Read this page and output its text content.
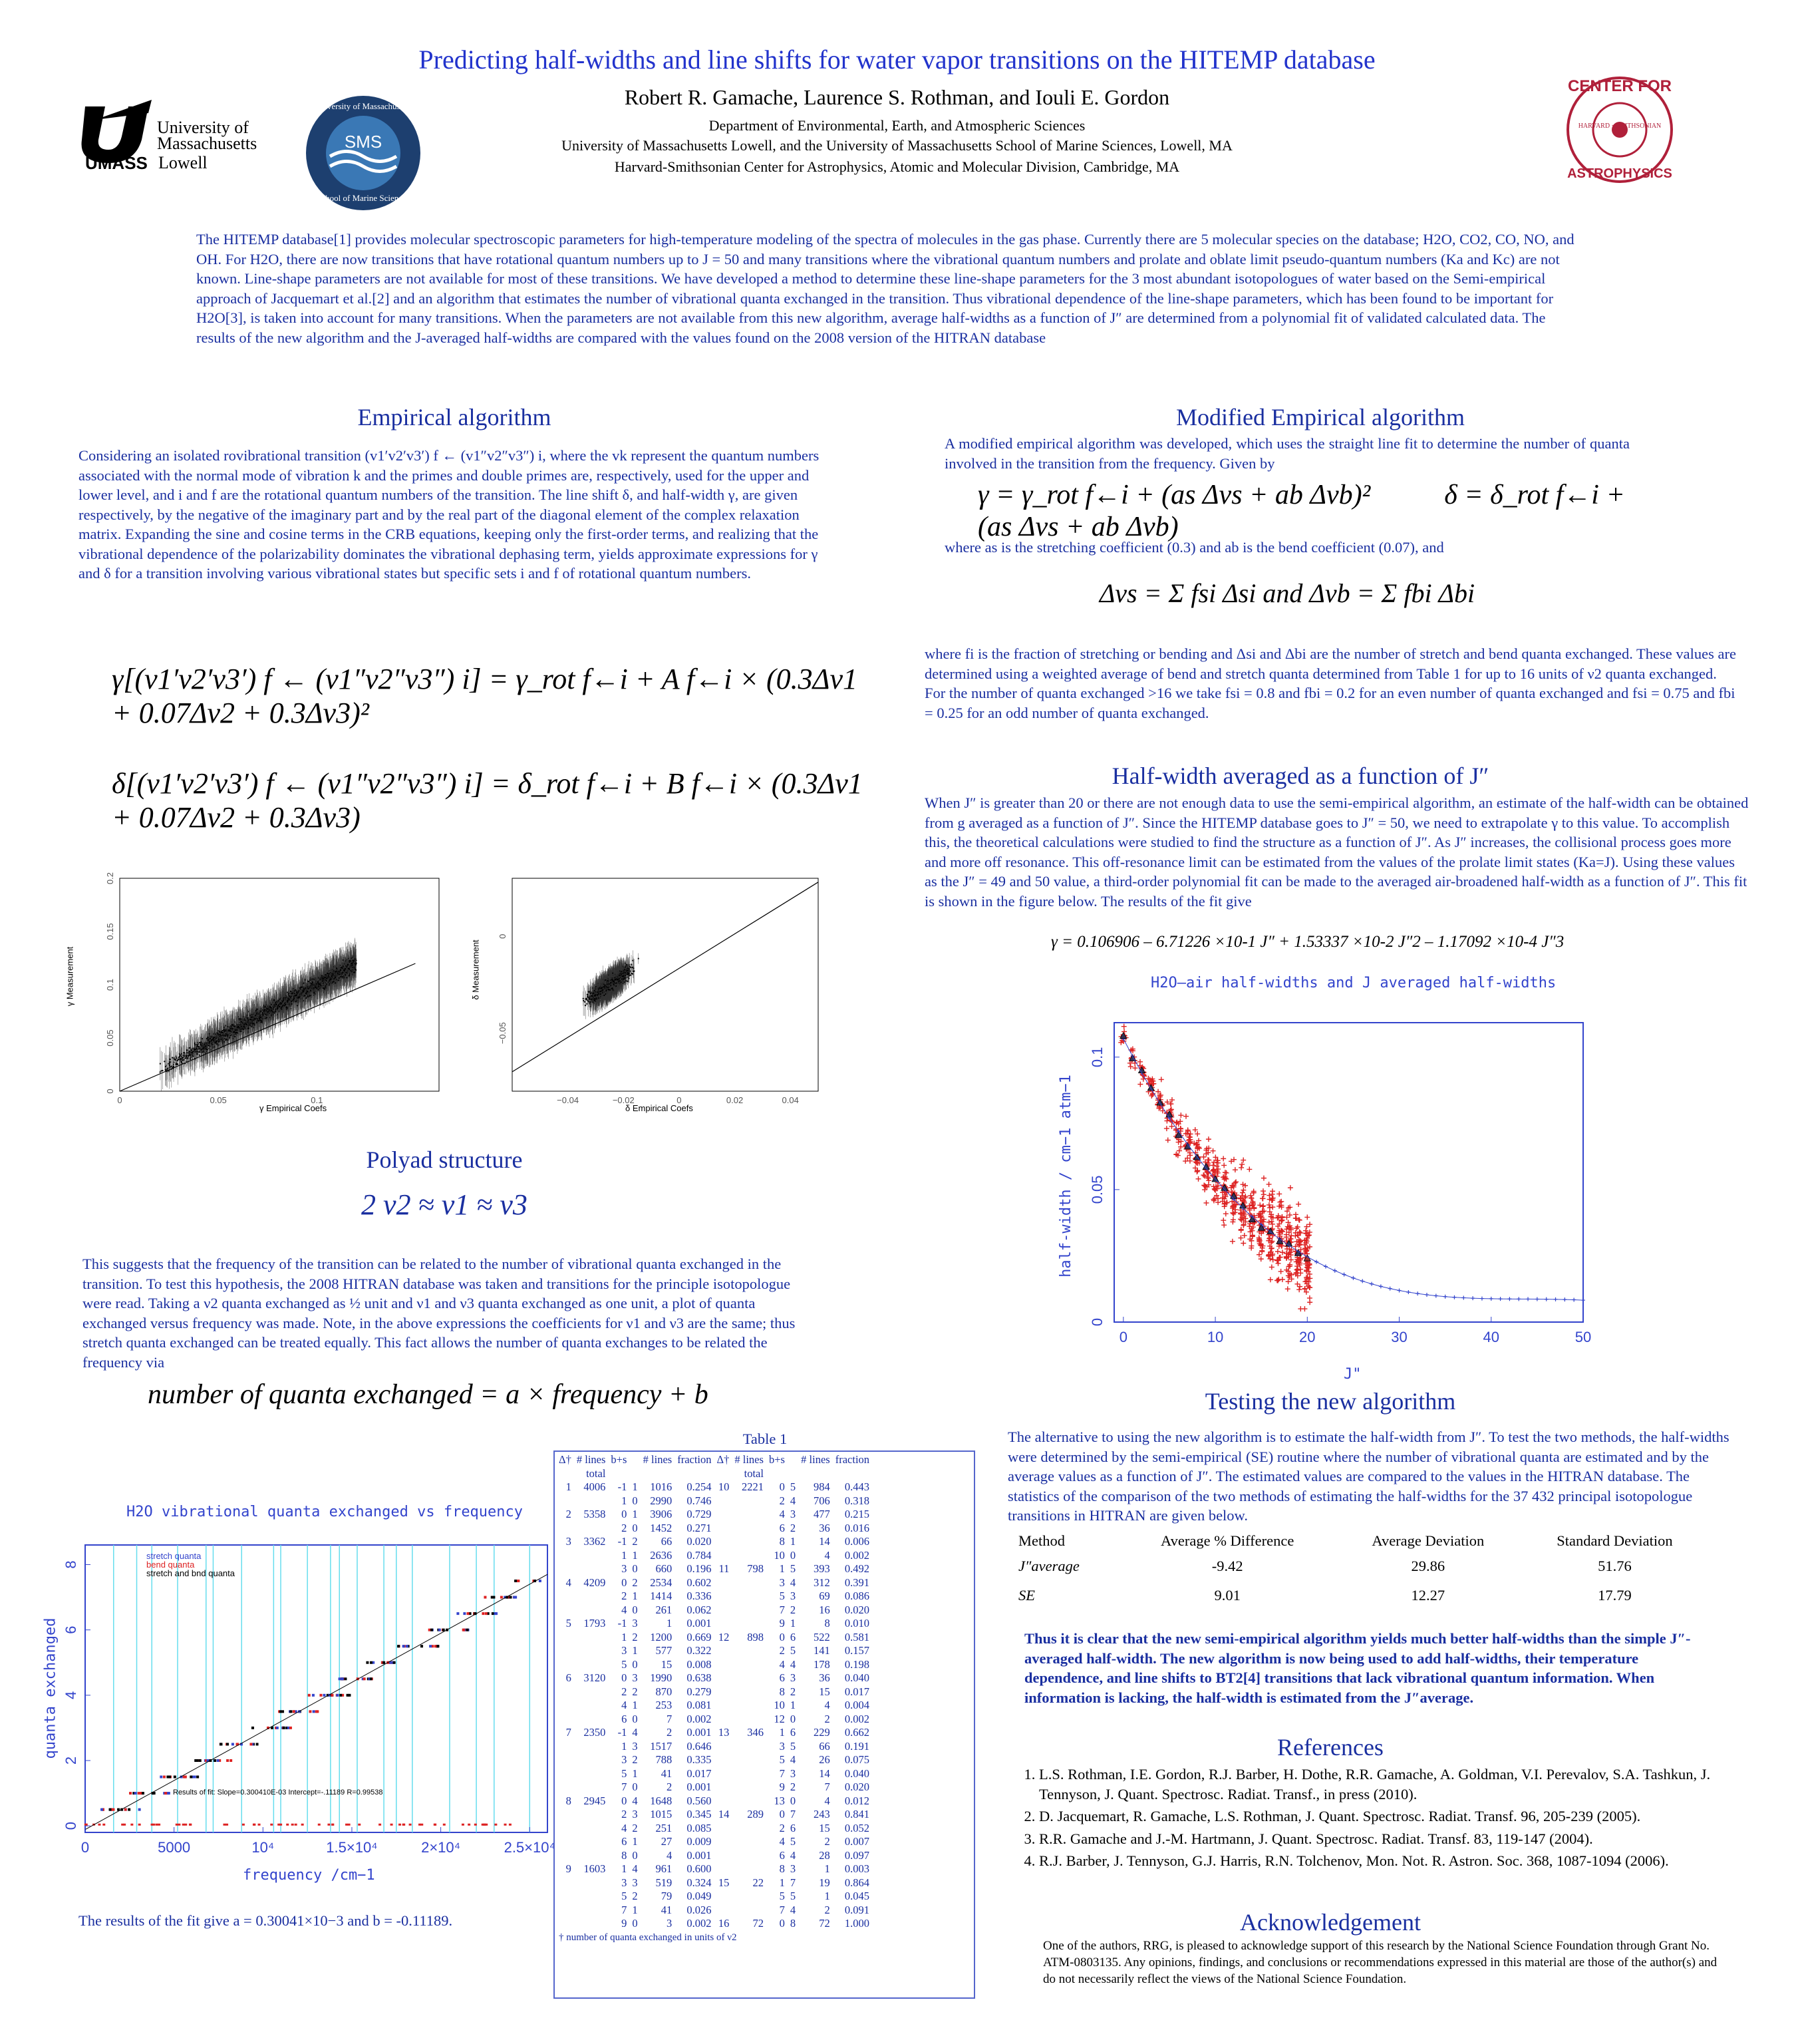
Predicting half-widths and line shifts for water vapor transitions on the HITEMP database
Robert R. Gamache, Laurence S. Rothman, and Iouli E. Gordon
Department of Environmental, Earth, and Atmospheric Sciences
University of Massachusetts Lowell, and the University of Massachusetts School of Marine Sciences, Lowell, MA
Harvard-Smithsonian Center for Astrophysics, Atomic and Molecular Division, Cambridge, MA
University of
Massachusetts
UMASS Lowell
University of Massachusetts
SMS
School of Marine Sciences
CENTER FOR
HARVARD · SMITHSONIAN
ASTROPHYSICS
The HITEMP database[1] provides molecular spectroscopic parameters for high-temperature modeling of the spectra of molecules in the gas phase. Currently there are 5 molecular species on the database; H2O, CO2, CO, NO, and OH. For H2O, there are now transitions that have rotational quantum numbers up to J = 50 and many transitions where the vibrational quantum numbers and prolate and oblate limit pseudo-quantum numbers (Ka and Kc) are not known. Line-shape parameters are not available for most of these transitions. We have developed a method to determine these line-shape parameters for the 3 most abundant isotopologues of water based on the Semi-empirical approach of Jacquemart et al.[2] and an algorithm that estimates the number of vibrational quanta exchanged in the transition. Thus vibrational dependence of the line-shape parameters, which has been found to be important for H2O[3], is taken into account for many transitions. When the parameters are not available from this new algorithm, average half-widths as a function of J″ are determined from a polynomial fit of validated calculated data. The results of the new algorithm and the J-averaged half-widths are compared with the values found on the 2008 version of the HITRAN database
Empirical algorithm
Considering an isolated rovibrational transition (v1′v2′v3′) f ← (v1″v2″v3″) i, where the vk represent the quantum numbers associated with the normal mode of vibration k and the primes and double primes are, respectively, used for the upper and lower level, and i and f are the rotational quantum numbers of the transition. The line shift δ, and half-width γ, are given respectively, by the negative of the imaginary part and by the real part of the diagonal element of the complex relaxation matrix. Expanding the sine and cosine terms in the CRB equations, keeping only the first-order terms, and realizing that the vibrational dependence of the polarizability dominates the vibrational dephasing term, yields approximate expressions for γ and δ for a transition involving various vibrational states but specific sets i and f of rotational quantum numbers.
γ[(v1′v2′v3′) f ← (v1″v2″v3″) i] = γ_rot f←i + A f←i × (0.3Δv1 + 0.07Δv2 + 0.3Δv3)²
δ[(v1′v2′v3′) f ← (v1″v2″v3″) i] = δ_rot f←i + B f←i × (0.3Δv1 + 0.07Δv2 + 0.3Δv3)
0	0.05	0.1
0
0.05
0.1
0.15
0.2
γ Empirical Coefs
γ Measurement
−0.04	−0.02	0	0.02	0.04
−0.05
0
δ Empirical Coefs
δ Measurement
Polyad structure
2 ν2 ≈ ν1 ≈ ν3
This suggests that the frequency of the transition can be related to the number of vibrational quanta exchanged in the transition. To test this hypothesis, the 2008 HITRAN database was taken and transitions for the principle isotopologue were read. Taking a ν2 quanta exchanged as ½ unit and ν1 and ν3 quanta exchanged as one unit, a plot of quanta exchanged versus frequency was made. Note, in the above expressions the coefficients for ν1 and ν3 are the same; thus stretch quanta exchanged can be treated equally. This fact allows the number of quanta exchanges to be related the frequency via
number of quanta exchanged = a × frequency + b
H2O vibrational quanta exchanged vs frequency
0	5000	10⁴	1.5×10⁴	2×10⁴	2.5×10⁴
0
2
4
6
8
frequency /cm−1
quanta exchanged
stretch quanta
bend quanta
stretch and bnd quanta
Results of fit: Slope=0.300410E-03 Intercept=-.11189 R=0.99538
The results of the fit give a = 0.30041×10−3 and b = -0.11189.
Table 1
Δ†	# lines	b+s		# lines	fraction	Δ†	# lines	b+s		# lines	fraction
	total						total				
1	4006	-1	1	1016	0.254	10	2221	0	5	984	0.443
		1	0	2990	0.746			2	4	706	0.318
2	5358	0	1	3906	0.729			4	3	477	0.215
		2	0	1452	0.271			6	2	36	0.016
3	3362	-1	2	66	0.020			8	1	14	0.006
		1	1	2636	0.784			10	0	4	0.002
		3	0	660	0.196	11	798	1	5	393	0.492
4	4209	0	2	2534	0.602			3	4	312	0.391
		2	1	1414	0.336			5	3	69	0.086
		4	0	261	0.062			7	2	16	0.020
5	1793	-1	3	1	0.001			9	1	8	0.010
		1	2	1200	0.669	12	898	0	6	522	0.581
		3	1	577	0.322			2	5	141	0.157
		5	0	15	0.008			4	4	178	0.198
6	3120	0	3	1990	0.638			6	3	36	0.040
		2	2	870	0.279			8	2	15	0.017
		4	1	253	0.081			10	1	4	0.004
		6	0	7	0.002			12	0	2	0.002
7	2350	-1	4	2	0.001	13	346	1	6	229	0.662
		1	3	1517	0.646			3	5	66	0.191
		3	2	788	0.335			5	4	26	0.075
		5	1	41	0.017			7	3	14	0.040
		7	0	2	0.001			9	2	7	0.020
8	2945	0	4	1648	0.560			13	0	4	0.012
		2	3	1015	0.345	14	289	0	7	243	0.841
		4	2	251	0.085			2	6	15	0.052
		6	1	27	0.009			4	5	2	0.007
		8	0	4	0.001			6	4	28	0.097
9	1603	1	4	961	0.600			8	3	1	0.003
		3	3	519	0.324	15	22	1	7	19	0.864
		5	2	79	0.049			5	5	1	0.045
		7	1	41	0.026			7	4	2	0.091
		9	0	3	0.002	16	72	0	8	72	1.000
† number of quanta exchanged in units of ν2
Modified Empirical algorithm
A modified empirical algorithm was developed, which uses the straight line fit to determine the number of quanta involved in the transition from the frequency. Given by
γ = γ_rot f←i + (as Δvs + ab Δvb)²	δ = δ_rot f←i + (as Δvs + ab Δvb)
where as is the stretching coefficient (0.3) and ab is the bend coefficient (0.07), and
Δvs = Σ fsi Δsi and Δvb = Σ fbi Δbi
where fi is the fraction of stretching or bending and Δsi and Δbi are the number of stretch and bend quanta exchanged. These values are determined using a weighted average of bend and stretch quanta determined from Table 1 for up to 16 units of ν2 quanta exchanged. For the number of quanta exchanged >16 we take fsi = 0.8 and fbi = 0.2 for an even number of quanta exchanged and fsi = 0.75 and fbi = 0.25 for an odd number of quanta exchanged.
Half-width averaged as a function of J″
When J″ is greater than 20 or there are not enough data to use the semi-empirical algorithm, an estimate of the half-width can be obtained from g averaged as a function of J″. Since the HITEMP database goes to J″ = 50, we need to extrapolate γ to this value. To accomplish this, the theoretical calculations were studied to find the structure as a function of J″. As J″ increases, the collisional process goes more and more off resonance. This off-resonance limit can be estimated from the values of the prolate limit states (Ka=J). Using these values as the J″ = 49 and 50 value, a third-order polynomial fit can be made to the averaged air-broadened half-width as a function of J″. This fit is shown in the figure below. The results of the fit give
γ = 0.106906 – 6.71226 ×10-1 J″ + 1.53337 ×10-2 J″2 – 1.17092 ×10-4 J″3
H2O–air half-widths and J averaged half-widths
0	10	20	30	40	50
0
0.05
0.1
J"
half-width / cm−1 atm−1
Testing the new algorithm
The alternative to using the new algorithm is to estimate the half-width from J″. To test the two methods, the half-widths were determined by the semi-empirical (SE) routine where the number of vibrational quanta are estimated and by the average values as a function of J″. The estimated values are compared to the values in the HITRAN database. The statistics of the comparison of the two methods of estimating the half-widths for the 37 432 principal isotopologue transitions in HITRAN are given below.
Method	Average % Difference	Average Deviation	Standard Deviation
J″average	-9.42	29.86	51.76
SE	9.01	12.27	17.79
Thus it is clear that the new semi-empirical algorithm yields much better half-widths than the simple J″-averaged half-width. The new algorithm is now being used to add half-widths, their temperature dependence, and line shifts to BT2[4] transitions that lack vibrational quantum information. When information is lacking, the half-width is estimated from the J″average.
References
1. L.S. Rothman, I.E. Gordon, R.J. Barber, H. Dothe, R.R. Gamache, A. Goldman, V.I. Perevalov, S.A. Tashkun, J. Tennyson, J. Quant. Spectrosc. Radiat. Transf., in press (2010).
2. D. Jacquemart, R. Gamache, L.S. Rothman, J. Quant. Spectrosc. Radiat. Transf. 96, 205-239 (2005).
3. R.R. Gamache and J.-M. Hartmann, J. Quant. Spectrosc. Radiat. Transf. 83, 119-147 (2004).
4. R.J. Barber, J. Tennyson, G.J. Harris, R.N. Tolchenov, Mon. Not. R. Astron. Soc. 368, 1087-1094 (2006).
Acknowledgement
One of the authors, RRG, is pleased to acknowledge support of this research by the National Science Foundation through Grant No. ATM-0803135. Any opinions, findings, and conclusions or recommendations expressed in this material are those of the author(s) and do not necessarily reflect the views of the National Science Foundation.
